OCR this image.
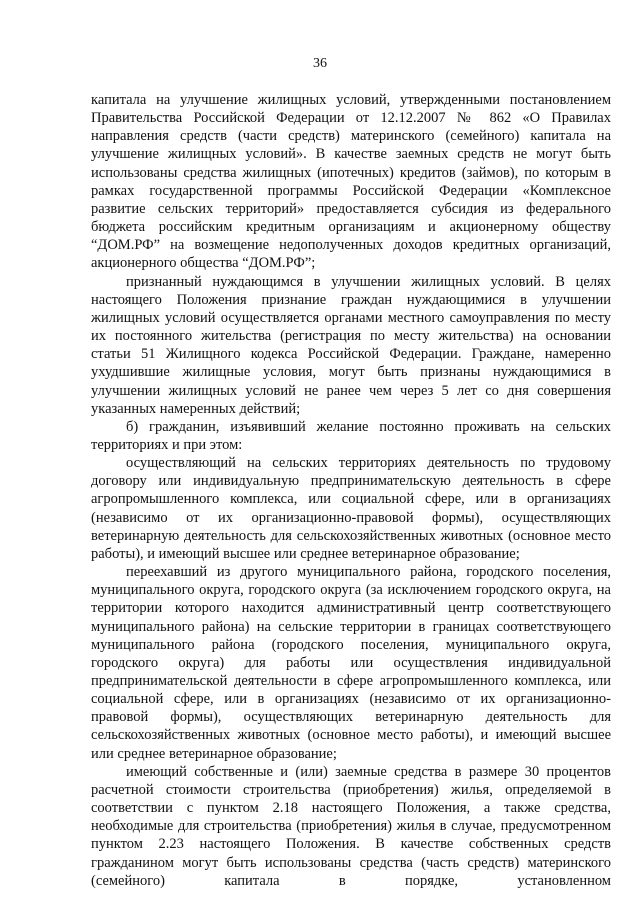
36

капитала на улучшение жилищных условий, утвержденными постановлением Правительства Российской Федерации от 12.12.2007 № 862 «О Правилах направления средств (части средств) материнского (семейного) капитала на улучшение жилищных условий». В качестве заемных средств не могут быть использованы средства жилищных (ипотечных) кредитов (займов), по которым в рамках государственной программы Российской Федерации «Комплексное развитие сельских территорий» предоставляется субсидия из федерального бюджета российским кредитным организациям и акционерному обществу “ДОМ.РФ” на возмещение недополученных доходов кредитных организаций, акционерного общества “ДОМ.РФ”;

признанный нуждающимся в улучшении жилищных условий. В целях настоящего Положения признание граждан нуждающимися в улучшении жилищных условий осуществляется органами местного самоуправления по месту их постоянного жительства (регистрация по месту жительства) на основании статьи 51 Жилищного кодекса Российской Федерации. Граждане, намеренно ухудшившие жилищные условия, могут быть признаны нуждающимися в улучшении жилищных условий не ранее чем через 5 лет со дня совершения указанных намеренных действий;

б) гражданин, изъявивший желание постоянно проживать на сельских территориях и при этом:

осуществляющий на сельских территориях деятельность по трудовому договору или индивидуальную предпринимательскую деятельность в сфере агропромышленного комплекса, или социальной сфере, или в организациях (независимо от их организационно-правовой формы), осуществляющих ветеринарную деятельность для сельскохозяйственных животных (основное место работы), и имеющий высшее или среднее ветеринарное образование;

переехавший из другого муниципального района, городского поселения, муниципального округа, городского округа (за исключением городского округа, на территории которого находится административный центр соответствующего муниципального района) на сельские территории в границах соответствующего муниципального района (городского поселения, муниципального округа, городского округа) для работы или осуществления индивидуальной предпринимательской деятельности в сфере агропромышленного комплекса, или социальной сфере, или в организациях (независимо от их организационно-правовой формы), осуществляющих ветеринарную деятельность для сельскохозяйственных животных (основное место работы), и имеющий высшее или среднее ветеринарное образование;

имеющий собственные и (или) заемные средства в размере 30 процентов расчетной стоимости строительства (приобретения) жилья, определяемой в соответствии с пунктом 2.18 настоящего Положения, а также средства, необходимые для строительства (приобретения) жилья в случае, предусмотренном пунктом 2.23 настоящего Положения. В качестве собственных средств гражданином могут быть использованы средства (часть средств) материнского (семейного) капитала в порядке, установленном
